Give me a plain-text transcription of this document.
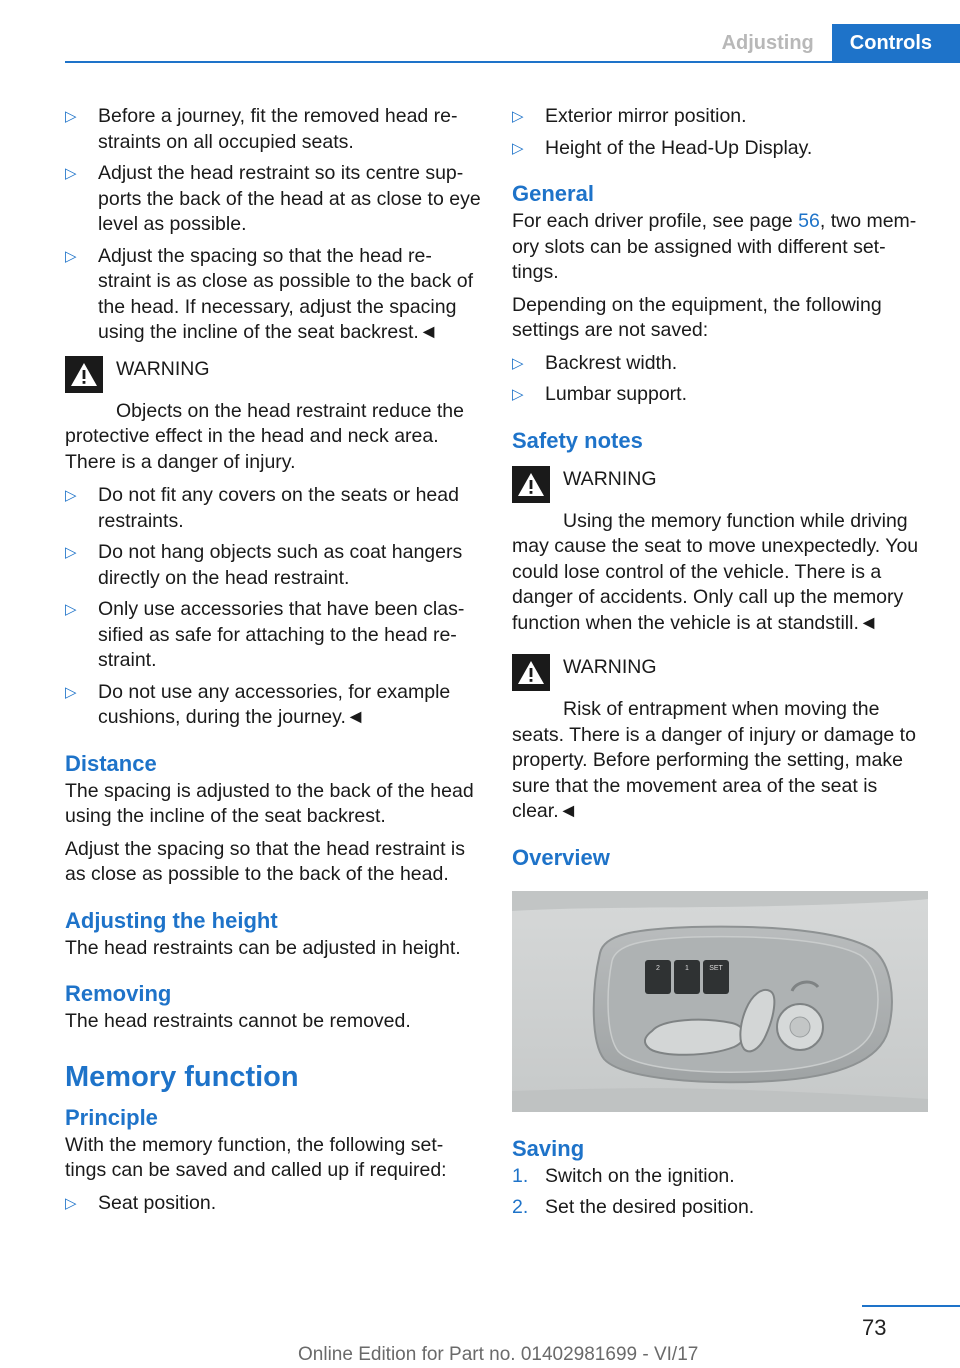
Adjusting	Controls
▷	Before a journey, fit the removed head re-straints on all occupied seats.
▷	Adjust the head restraint so its centre sup-ports the back of the head at as close to eye level as possible.
▷	Adjust the spacing so that the head re-straint is as close as possible to the back of the head. If necessary, adjust the spacing using the incline of the seat backrest.◄
WARNING
Objects on the head restraint reduce the
protective effect in the head and neck area. There is a danger of injury.
▷	Do not fit any covers on the seats or head restraints.
▷	Do not hang objects such as coat hangers directly on the head restraint.
▷	Only use accessories that have been clas-sified as safe for attaching to the head re-straint.
▷	Do not use any accessories, for example cushions, during the journey.◄
Distance

The spacing is adjusted to the back of the head using the incline of the seat backrest.

Adjust the spacing so that the head restraint is as close as possible to the back of the head.

Adjusting the height

The head restraints can be adjusted in height.

Removing

The head restraints cannot be removed.

Memory function
Principle

With the memory function, the following set-tings can be saved and called up if required:

▷	Seat position.
▷	Exterior mirror position.
▷	Height of the Head-Up Display.
General

For each driver profile, see page 56, two mem-ory slots can be assigned with different set-tings.

Depending on the equipment, the following settings are not saved:

▷	Backrest width.
▷	Lumbar support.
Safety notes
WARNING
Using the memory function while driving
may cause the seat to move unexpectedly. You could lose control of the vehicle. There is a danger of accidents. Only call up the memory function when the vehicle is at standstill.◄
WARNING
Risk of entrapment when moving the
seats. There is a danger of injury or damage to property. Before performing the setting, make sure that the movement area of the seat is clear.◄
Overview
2	1	SET
Saving
1. Switch on the ignition.
2. Set the desired position.
73
Online Edition for Part no. 01402981699 - VI/17
